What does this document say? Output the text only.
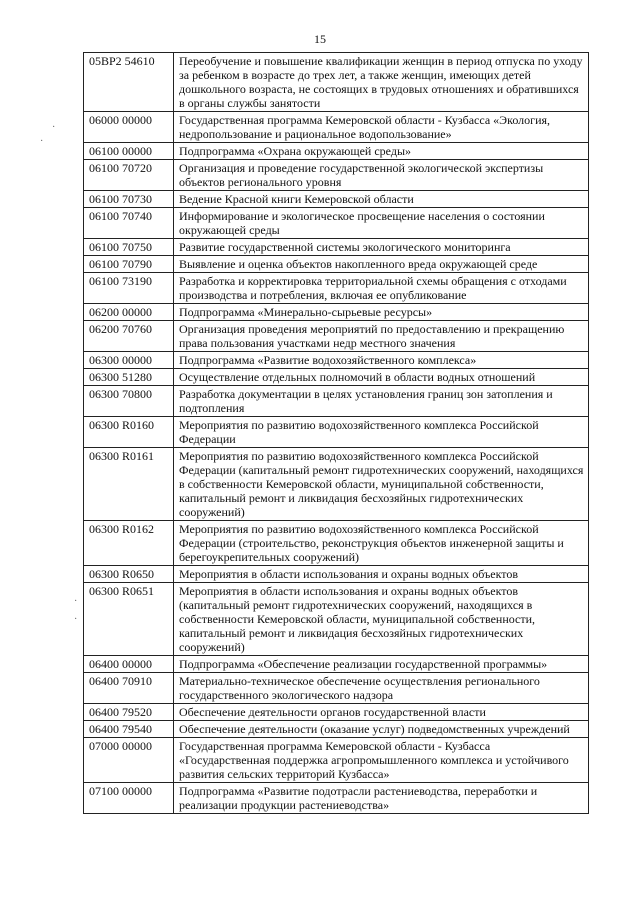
15
·
·
·
·
05ВР2 54610	Переобучение и повышение квалификации женщин в период отпуска по уходу за ребенком в возрасте до трех лет, а также женщин, имеющих детей дошкольного возраста, не состоящих в трудовых отношениях и обратившихся в органы службы занятости
06000 00000	Государственная программа Кемеровской области - Кузбасса «Экология, недропользование и рациональное водопользование»
06100 00000	Подпрограмма «Охрана окружающей среды»
06100 70720	Организация и проведение государственной экологической экспертизы объектов регионального уровня
06100 70730	Ведение Красной книги Кемеровской области
06100 70740	Информирование и экологическое просвещение населения о состоянии окружающей среды
06100 70750	Развитие государственной системы экологического мониторинга
06100 70790	Выявление и оценка объектов накопленного вреда окружающей среде
06100 73190	Разработка и корректировка территориальной схемы обращения с отходами производства и потребления, включая ее опубликование
06200 00000	Подпрограмма «Минерально-сырьевые ресурсы»
06200 70760	Организация проведения мероприятий по предоставлению и прекращению права пользования участками недр местного значения
06300 00000	Подпрограмма «Развитие водохозяйственного комплекса»
06300 51280	Осуществление отдельных полномочий в области водных отношений
06300 70800	Разработка документации в целях установления границ зон затопления и подтопления
06300 R0160	Мероприятия по развитию водохозяйственного комплекса Российской Федерации
06300 R0161	Мероприятия по развитию водохозяйственного комплекса Российской Федерации (капитальный ремонт гидротехнических сооружений, находящихся в собственности Кемеровской области, муниципальной собственности, капитальный ремонт и ликвидация бесхозяйных гидротехнических сооружений)
06300 R0162	Мероприятия по развитию водохозяйственного комплекса Российской Федерации (строительство, реконструкция объектов инженерной защиты и берегоукрепительных сооружений)
06300 R0650	Мероприятия в области использования и охраны водных объектов
06300 R0651	Мероприятия в области использования и охраны водных объектов (капитальный ремонт гидротехнических сооружений, находящихся в собственности Кемеровской области, муниципальной собственности, капитальный ремонт и ликвидация бесхозяйных гидротехнических сооружений)
06400 00000	Подпрограмма «Обеспечение реализации государственной программы»
06400 70910	Материально-техническое обеспечение осуществления регионального государственного экологического надзора
06400 79520	Обеспечение деятельности органов государственной власти
06400 79540	Обеспечение деятельности (оказание услуг) подведомственных учреждений
07000 00000	Государственная программа Кемеровской области - Кузбасса «Государственная поддержка агропромышленного комплекса и устойчивого развития сельских территорий Кузбасса»
07100 00000	Подпрограмма «Развитие подотрасли растениеводства, переработки и реализации продукции растениеводства»
